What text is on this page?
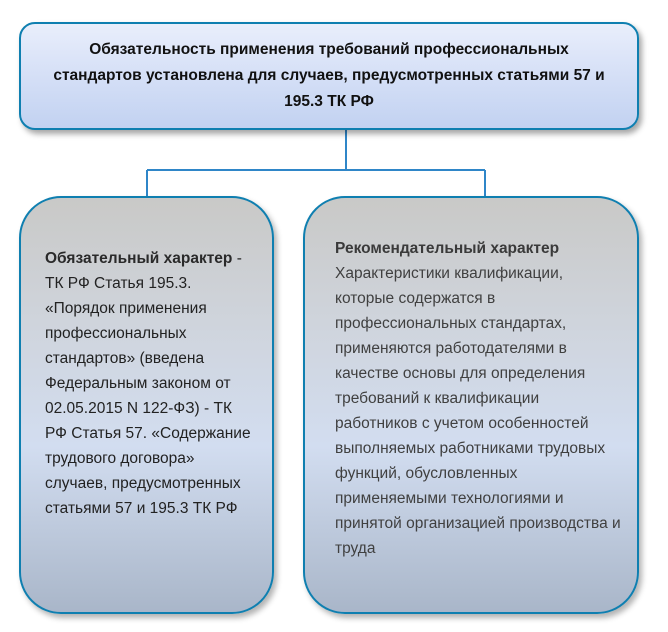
Обязательность применения требований профессиональных стандартов установлена для случаев, предусмотренных статьями 57 и 195.3 ТК РФ
Обязательный характер - ТК РФ Статья 195.3. «Порядок применения профессиональных стандартов» (введена Федеральным законом от 02.05.2015 N 122-ФЗ) - ТК РФ Статья 57. «Содержание трудового договора» случаев, предусмотренных статьями 57 и 195.3 ТК РФ
Рекомендательный характер
Характеристики квалификации, которые содержатся в профессиональных стандартах, применяются работодателями в качестве основы для определения требований к квалификации работников с учетом особенностей выполняемых работниками трудовых функций, обусловленных применяемыми технологиями и принятой организацией производства и труда
